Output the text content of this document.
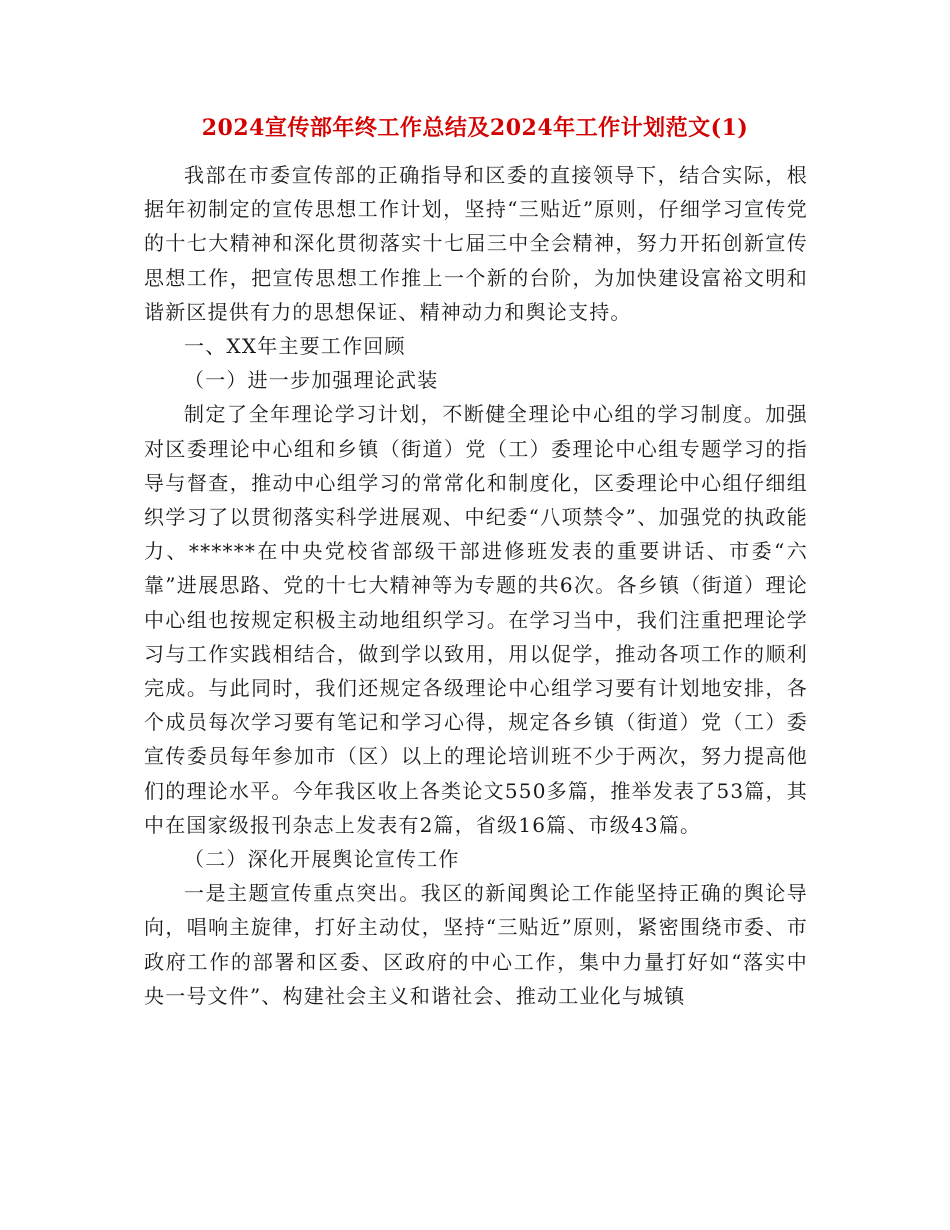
2024宣传部年终工作总结及2024年工作计划范文(1)

我部在市委宣传部的正确指导和区委的直接领导下，结合实际，根据年初制定的宣传思想工作计划，坚持“三贴近”原则，仔细学习宣传党的十七大精神和深化贯彻落实十七届三中全会精神，努力开拓创新宣传思想工作，把宣传思想工作推上一个新的台阶，为加快建设富裕文明和谐新区提供有力的思想保证、精神动力和舆论支持。

一、XX年主要工作回顾

（一）进一步加强理论武装

制定了全年理论学习计划，不断健全理论中心组的学习制度。加强对区委理论中心组和乡镇（街道）党（工）委理论中心组专题学习的指导与督查，推动中心组学习的常常化和制度化，区委理论中心组仔细组织学习了以贯彻落实科学进展观、中纪委“八项禁令”、加强党的执政能力、******在中央党校省部级干部进修班发表的重要讲话、市委“六靠”进展思路、党的十七大精神等为专题的共6次。各乡镇（街道）理论中心组也按规定积极主动地组织学习。在学习当中，我们注重把理论学习与工作实践相结合，做到学以致用，用以促学，推动各项工作的顺利完成。与此同时，我们还规定各级理论中心组学习要有计划地安排，各个成员每次学习要有笔记和学习心得，规定各乡镇（街道）党（工）委宣传委员每年参加市（区）以上的理论培训班不少于两次，努力提高他们的理论水平。今年我区收上各类论文550多篇，推举发表了53篇，其中在国家级报刊杂志上发表有2篇，省级16篇、市级43篇。

（二）深化开展舆论宣传工作

一是主题宣传重点突出。我区的新闻舆论工作能坚持正确的舆论导向，唱响主旋律，打好主动仗，坚持“三贴近”原则，紧密围绕市委、市政府工作的部署和区委、区政府的中心工作，集中力量打好如“落实中央一号文件”、构建社会主义和谐社会、推动工业化与城镇
